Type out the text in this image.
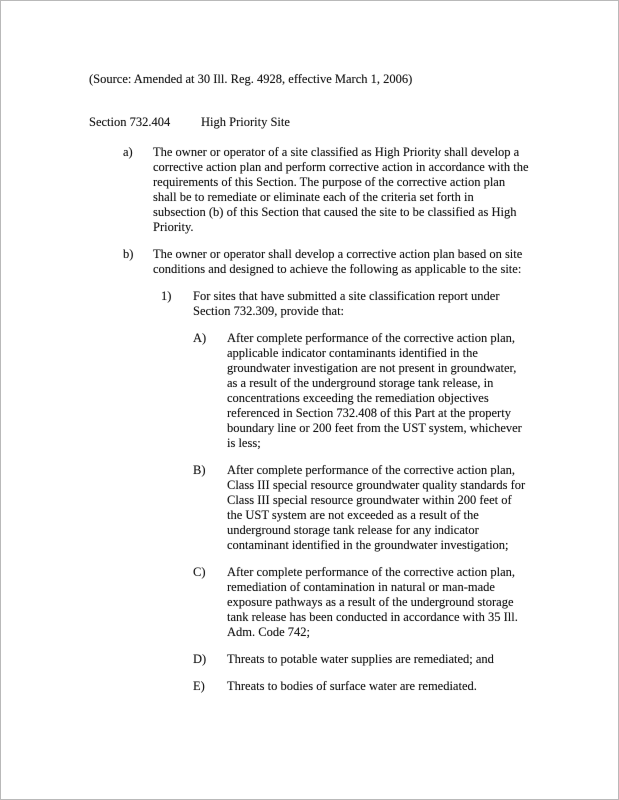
(Source: Amended at 30 Ill. Reg. 4928, effective March 1, 2006)
Section 732.404	High Priority Site
a)	The owner or operator of a site classified as High Priority shall develop a
corrective action plan and perform corrective action in accordance with the
requirements of this Section. The purpose of the corrective action plan
shall be to remediate or eliminate each of the criteria set forth in
subsection (b) of this Section that caused the site to be classified as High
Priority.
b)	The owner or operator shall develop a corrective action plan based on site
conditions and designed to achieve the following as applicable to the site:
1)	For sites that have submitted a site classification report under
Section 732.309, provide that:
A)	After complete performance of the corrective action plan,
applicable indicator contaminants identified in the
groundwater investigation are not present in groundwater,
as a result of the underground storage tank release, in
concentrations exceeding the remediation objectives
referenced in Section 732.408 of this Part at the property
boundary line or 200 feet from the UST system, whichever
is less;
B)	After complete performance of the corrective action plan,
Class III special resource groundwater quality standards for
Class III special resource groundwater within 200 feet of
the UST system are not exceeded as a result of the
underground storage tank release for any indicator
contaminant identified in the groundwater investigation;
C)	After complete performance of the corrective action plan,
remediation of contamination in natural or man-made
exposure pathways as a result of the underground storage
tank release has been conducted in accordance with 35 Ill.
Adm. Code 742;
D)	Threats to potable water supplies are remediated; and
E)	Threats to bodies of surface water are remediated.
